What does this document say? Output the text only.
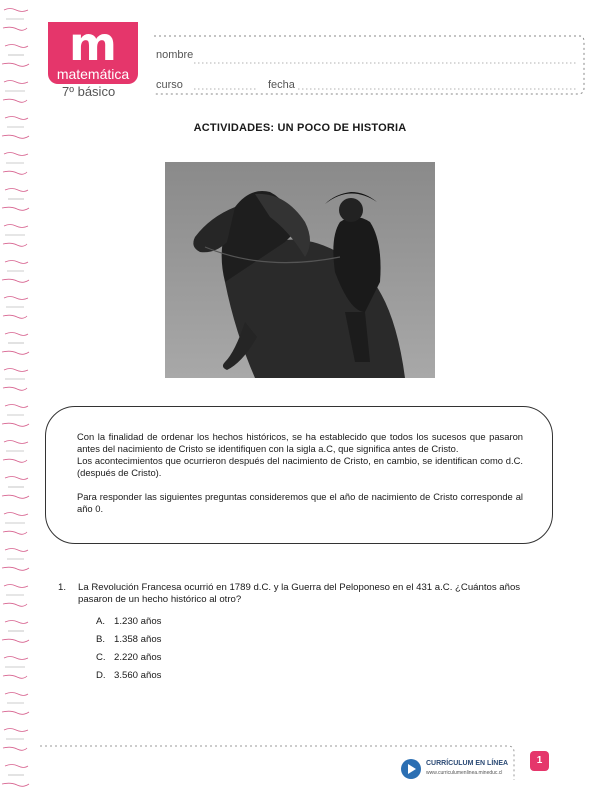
m
matemática
7º básico
nombre
curso	fecha
ACTIVIDADES: UN POCO DE HISTORIA

Con la finalidad de ordenar los hechos históricos, se ha establecido que todos los sucesos que pasaron antes del nacimiento de Cristo se identifiquen con la sigla a.C, que significa antes de Cristo.

Los acontecimientos que ocurrieron después del nacimiento de Cristo, en cambio, se identifican como d.C. (después de Cristo).

Para responder las siguientes preguntas consideremos que el año de nacimiento de Cristo corresponde al año 0.

1. La Revolución Francesa ocurrió en 1789 d.C. y la Guerra del Peloponeso en el 431 a.C. ¿Cuántos años pasaron de un hecho histórico al otro?
A. 1.230 años
B. 1.358 años
C. 2.220 años
D. 3.560 años
CURRÍCULUM EN LÍNEA
www.curriculumenlinea.mineduc.cl
1
